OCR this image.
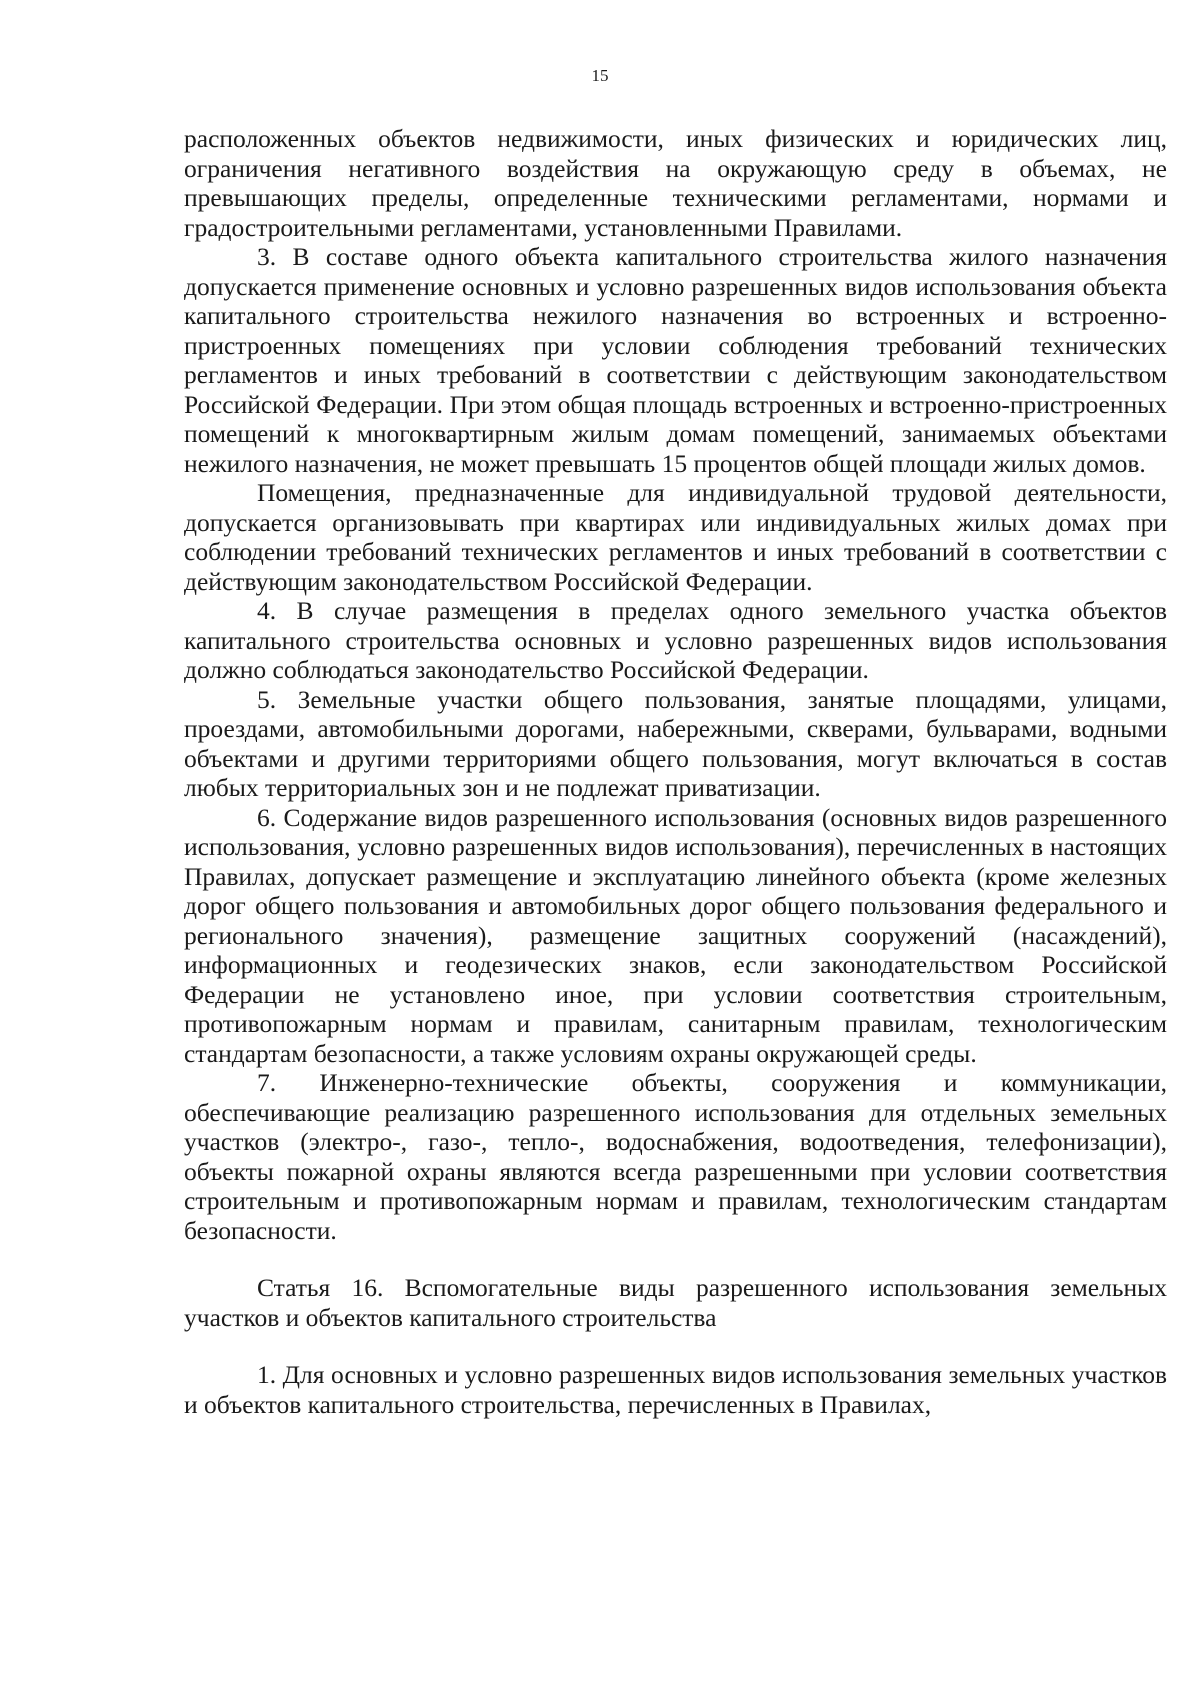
15

расположенных объектов недвижимости, иных физических и юридических лиц, ограничения негативного воздействия на окружающую среду в объемах, не превышающих пределы, определенные техническими регламентами, нормами и градостроительными регламентами, установленными Правилами.

3. В составе одного объекта капитального строительства жилого назначения допускается применение основных и условно разрешенных видов использования объекта капитального строительства нежилого назначения во встроенных и встроенно-пристроенных помещениях при условии соблюдения требований технических регламентов и иных требований в соответствии с действующим законодательством Российской Федерации. При этом общая площадь встроенных и встроенно-пристроенных помещений к многоквартирным жилым домам помещений, занимаемых объектами нежилого назначения, не может превышать 15 процентов общей площади жилых домов.

Помещения, предназначенные для индивидуальной трудовой деятельности, допускается организовывать при квартирах или индивидуальных жилых домах при соблюдении требований технических регламентов и иных требований в соответствии с действующим законодательством Российской Федерации.

4. В случае размещения в пределах одного земельного участка объектов капитального строительства основных и условно разрешенных видов использования должно соблюдаться законодательство Российской Федерации.

5. Земельные участки общего пользования, занятые площадями, улицами, проездами, автомобильными дорогами, набережными, скверами, бульварами, водными объектами и другими территориями общего пользования, могут включаться в состав любых территориальных зон и не подлежат приватизации.

6. Содержание видов разрешенного использования (основных видов разрешенного использования, условно разрешенных видов использования), перечисленных в настоящих Правилах, допускает размещение и эксплуатацию линейного объекта (кроме железных дорог общего пользования и автомобильных дорог общего пользования федерального и регионального значения), размещение защитных сооружений (насаждений), информационных и геодезических знаков, если законодательством Российской Федерации не установлено иное, при условии соответствия строительным, противопожарным нормам и правилам, санитарным правилам, технологическим стандартам безопасности, а также условиям охраны окружающей среды.

7. Инженерно-технические объекты, сооружения и коммуникации, обеспечивающие реализацию разрешенного использования для отдельных земельных участков (электро-, газо-, тепло-, водоснабжения, водоотведения, телефонизации), объекты пожарной охраны являются всегда разрешенными при условии соответствия строительным и противопожарным нормам и правилам, технологическим стандартам безопасности.

Статья 16. Вспомогательные виды разрешенного использования земельных участков и объектов капитального строительства

1. Для основных и условно разрешенных видов использования земельных участков и объектов капитального строительства, перечисленных в Правилах,
